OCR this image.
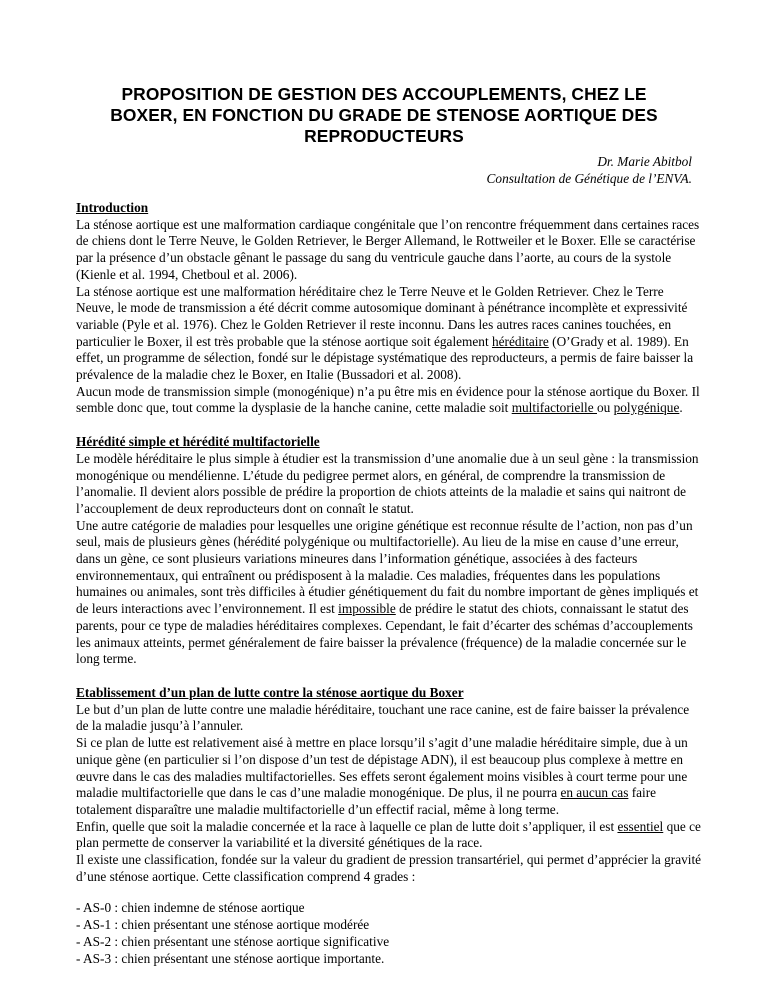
PROPOSITION DE GESTION DES ACCOUPLEMENTS, CHEZ LE BOXER, EN FONCTION DU GRADE DE STENOSE AORTIQUE DES REPRODUCTEURS
Dr. Marie Abitbol
Consultation de Génétique de l’ENVA.

Introduction

La sténose aortique est une malformation cardiaque congénitale que l’on rencontre fréquemment dans certaines races de chiens dont le Terre Neuve, le Golden Retriever, le Berger Allemand, le Rottweiler et le Boxer. Elle se caractérise par la présence d’un obstacle gênant le passage du sang du ventricule gauche dans l’aorte, au cours de la systole (Kienle et al. 1994, Chetboul et al. 2006).

La sténose aortique est une malformation héréditaire chez le Terre Neuve et le Golden Retriever. Chez le Terre Neuve, le mode de transmission a été décrit comme autosomique dominant à pénétrance incomplète et expressivité variable (Pyle et al. 1976). Chez le Golden Retriever il reste inconnu. Dans les autres races canines touchées, en particulier le Boxer, il est très probable que la sténose aortique soit également héréditaire (O’Grady et al. 1989). En effet, un programme de sélection, fondé sur le dépistage systématique des reproducteurs, a permis de faire baisser la prévalence de la maladie chez le Boxer, en Italie (Bussadori et al. 2008).

Aucun mode de transmission simple (monogénique) n’a pu être mis en évidence pour la sténose aortique du Boxer. Il semble donc que, tout comme la dysplasie de la hanche canine, cette maladie soit multifactorielle ou polygénique.

Hérédité simple et hérédité multifactorielle

Le modèle héréditaire le plus simple à étudier est la transmission d’une anomalie due à un seul gène : la transmission monogénique ou mendélienne. L’étude du pedigree permet alors, en général, de comprendre la transmission de l’anomalie. Il devient alors possible de prédire la proportion de chiots atteints de la maladie et sains qui naitront de l’accouplement de deux reproducteurs dont on connaît le statut.

Une autre catégorie de maladies pour lesquelles une origine génétique est reconnue résulte de l’action, non pas d’un seul, mais de plusieurs gènes (hérédité polygénique ou multifactorielle). Au lieu de la mise en cause d’une erreur, dans un gène, ce sont plusieurs variations mineures dans l’information génétique, associées à des facteurs environnementaux, qui entraînent ou prédisposent à la maladie. Ces maladies, fréquentes dans les populations humaines ou animales, sont très difficiles à étudier génétiquement du fait du nombre important de gènes impliqués et de leurs interactions avec l’environnement. Il est impossible de prédire le statut des chiots, connaissant le statut des parents, pour ce type de maladies héréditaires complexes. Cependant, le fait d’écarter des schémas d’accouplements les animaux atteints, permet généralement de faire baisser la prévalence (fréquence) de la maladie concernée sur le long terme.

Etablissement d’un plan de lutte contre la sténose aortique du Boxer

Le but d’un plan de lutte contre une maladie héréditaire, touchant une race canine, est de faire baisser la prévalence de la maladie jusqu’à l’annuler.

Si ce plan de lutte est relativement aisé à mettre en place lorsqu’il s’agit d’une maladie héréditaire simple, due à un unique gène (en particulier si l’on dispose d’un test de dépistage ADN), il est beaucoup plus complexe à mettre en œuvre dans le cas des maladies multifactorielles. Ses effets seront également moins visibles à court terme pour une maladie multifactorielle que dans le cas d’une maladie monogénique. De plus, il ne pourra en aucun cas faire totalement disparaître une maladie multifactorielle d’un effectif racial, même à long terme.

Enfin, quelle que soit la maladie concernée et la race à laquelle ce plan de lutte doit s’appliquer, il est essentiel que ce plan permette de conserver la variabilité et la diversité génétiques de la race.

Il existe une classification, fondée sur la valeur du gradient de pression transartériel, qui permet d’apprécier la gravité d’une sténose aortique. Cette classification comprend 4 grades :

- AS-0 : chien indemne de sténose aortique

- AS-1 : chien présentant une sténose aortique modérée

- AS-2 : chien présentant une sténose aortique significative

- AS-3 : chien présentant une sténose aortique importante.
